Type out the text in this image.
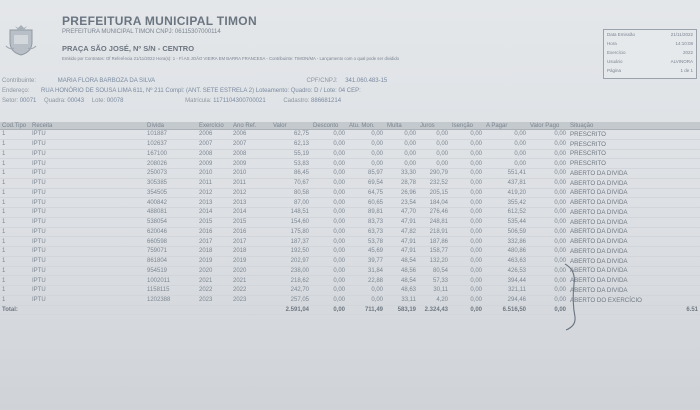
PREFEITURA MUNICIPAL TIMON
PREFEITURA MUNICIPAL TIMON CNPJ: 06115307000114
PRAÇA SÃO JOSÉ, Nº S/N - CENTRO
Emitido por Contratos: Of Referência 21/11/2022 Hora(s): 1 - Fl.AS JOÃO VIEIRA EM BARRA FRANCESA - Contribuinte: TIMON/MA - Lançamento com o qual pode ser dividido
Data Emissão	21/11/2022
Hora	14:10:08
Exercício	2022
Usuário	ALVINORA
Página	1 de 1
Contribuinte:	MARIA FLORA BARBOZA DA SILVA	CPF/CNPJ: 341.060.483-15
Endereço: RUA HONÓRIO DE SOUSA LIMA 611, Nº 211 Compl: (ANT. SETE ESTRELA 2) Loteamento: Quadro: D / Lote: 04 CEP:
Setor: 00071 Quadra: 00043 Lote: 00078	Matrícula: 1171104300700021	Cadastro: 886681214
Cod.Tipo	Receita	Dívida	Exercício	Ano Ref.	Valor	Desconto	Atu. Mon.	Multa	Juros	Isenção	A Pagar	Valor Pago	Situação
1	IPTU	101887	2006	2006	62,75	0,00	0,00	0,00	0,00	0,00	0,00	0,00	PRESCRITO
1	IPTU	102637	2007	2007	62,13	0,00	0,00	0,00	0,00	0,00	0,00	0,00	PRESCRITO
1	IPTU	167100	2008	2008	55,19	0,00	0,00	0,00	0,00	0,00	0,00	0,00	PRESCRITO
1	IPTU	208026	2009	2009	53,83	0,00	0,00	0,00	0,00	0,00	0,00	0,00	PRESCRITO
1	IPTU	250073	2010	2010	86,45	0,00	85,97	33,30	290,79	0,00	551,41	0,00	ABERTO DA DIVIDA
1	IPTU	305385	2011	2011	70,67	0,00	69,54	28,78	232,52	0,00	437,81	0,00	ABERTO DA DIVIDA
1	IPTU	354505	2012	2012	80,58	0,00	64,75	26,96	205,15	0,00	419,20	0,00	ABERTO DA DIVIDA
1	IPTU	400842	2013	2013	87,00	0,00	60,65	23,54	184,04	0,00	355,42	0,00	ABERTO DA DIVIDA
1	IPTU	488081	2014	2014	148,51	0,00	89,81	47,70	276,46	0,00	612,52	0,00	ABERTO DA DIVIDA
1	IPTU	538054	2015	2015	154,60	0,00	83,73	47,91	248,81	0,00	535,44	0,00	ABERTO DA DIVIDA
1	IPTU	620046	2016	2016	175,80	0,00	63,73	47,82	218,91	0,00	506,59	0,00	ABERTO DA DIVIDA
1	IPTU	660598	2017	2017	187,37	0,00	53,78	47,91	187,86	0,00	332,86	0,00	ABERTO DA DIVIDA
1	IPTU	759071	2018	2018	192,50	0,00	45,69	47,91	158,77	0,00	480,86	0,00	ABERTO DA DIVIDA
1	IPTU	861804	2019	2019	202,97	0,00	39,77	48,54	132,20	0,00	463,63	0,00	ABERTO DA DIVIDA
1	IPTU	954519	2020	2020	238,00	0,00	31,84	48,56	80,54	0,00	426,53	0,00	ABERTO DA DIVIDA
1	IPTU	1002011	2021	2021	218,62	0,00	22,88	48,54	57,33	0,00	394,44	0,00	ABERTO DA DIVIDA
1	IPTU	1158115	2022	2022	242,70	0,00	0,00	48,63	30,11	0,00	321,11	0,00	ABERTO DA DIVIDA
1	IPTU	1202388	2023	2023	257,05	0,00	0,00	33,11	4,20	0,00	294,46	0,00	ABERTO DO EXERCÍCIO
Total:					2.591,04	0,00	711,49	583,19	2.324,43	0,00	6.516,50	0,00	6.51
